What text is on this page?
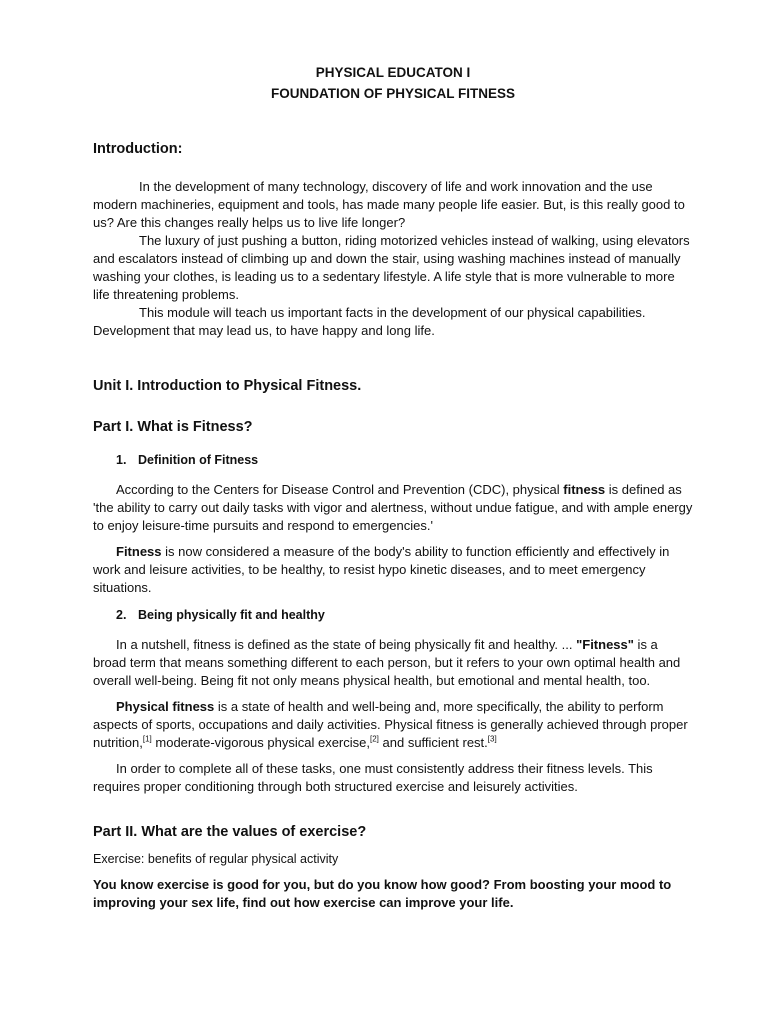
PHYSICAL EDUCATON I

FOUNDATION OF PHYSICAL FITNESS

Introduction:

In the development of many technology, discovery of life and work innovation and the use modern machineries, equipment and tools, has made many people life easier. But, is this really good to us? Are this changes really helps us to live life longer?

The luxury of just pushing a button, riding motorized vehicles instead of walking, using elevators and escalators instead of climbing up and down the stair, using washing machines instead of manually washing your clothes, is leading us to a sedentary lifestyle. A life style that is more vulnerable to more life threatening problems.

This module will teach us important facts in the development of our physical capabilities. Development that may lead us, to have happy and long life.

Unit I. Introduction to Physical Fitness.

Part I. What is Fitness?

1. Definition of Fitness

According to the Centers for Disease Control and Prevention (CDC), physical fitness is defined as 'the ability to carry out daily tasks with vigor and alertness, without undue fatigue, and with ample energy to enjoy leisure-time pursuits and respond to emergencies.'

Fitness is now considered a measure of the body's ability to function efficiently and effectively in work and leisure activities, to be healthy, to resist hypo kinetic diseases, and to meet emergency situations.

2. Being physically fit and healthy

In a nutshell, fitness is defined as the state of being physically fit and healthy. ... "Fitness" is a broad term that means something different to each person, but it refers to your own optimal health and overall well-being. Being fit not only means physical health, but emotional and mental health, too.

Physical fitness is a state of health and well-being and, more specifically, the ability to perform aspects of sports, occupations and daily activities. Physical fitness is generally achieved through proper nutrition,[1] moderate-vigorous physical exercise,[2] and sufficient rest.[3]

In order to complete all of these tasks, one must consistently address their fitness levels. This requires proper conditioning through both structured exercise and leisurely activities.

Part II. What are the values of exercise?

Exercise: benefits of regular physical activity

You know exercise is good for you, but do you know how good? From boosting your mood to improving your sex life, find out how exercise can improve your life.
